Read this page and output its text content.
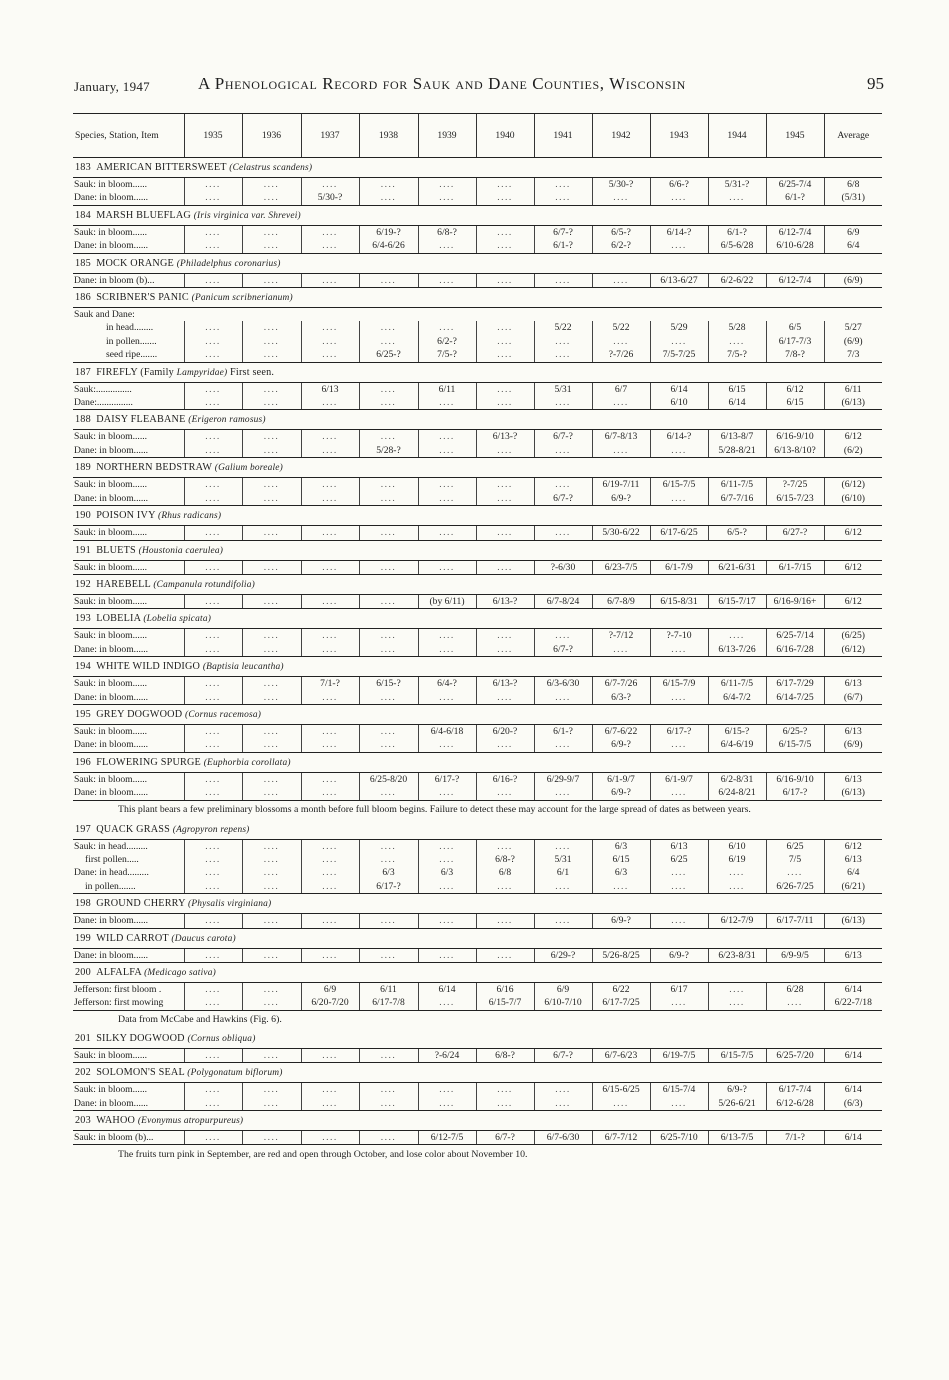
January, 1947	A Phenological Record for Sauk and Dane Counties, Wisconsin	95
Species, Station, Item	1935	1936	1937	1938	1939	1940	1941	1942	1943	1944	1945	Average
183  AMERICAN BITTERSWEET (Celastrus scandens)												
Sauk: in bloom......	....	....	....	....	....	....	....	5/30-?	6/6-?	5/31-?	6/25-7/4	6/8
Dane: in bloom......	....	....	5/30-?	....	....	....	....	....	....	....	6/1-?	(5/31)
184  MARSH BLUEFLAG (Iris virginica var. Shrevei)												
Sauk: in bloom......	....	....	....	6/19-?	6/8-?	....	6/7-?	6/5-?	6/14-?	6/1-?	6/12-7/4	6/9
Dane: in bloom......	....	....	....	6/4-6/26	....	....	6/1-?	6/2-?	....	6/5-6/28	6/10-6/28	6/4
185  MOCK ORANGE (Philadelphus coronarius)												
Dane: in bloom (b)...	....	....	....	....	....	....	....	....	6/13-6/27	6/2-6/22	6/12-7/4	(6/9)
186  SCRIBNER'S PANIC (Panicum scribnerianum)												
Sauk and Dane:												
in head........	....	....	....	....	....	....	5/22	5/22	5/29	5/28	6/5	5/27
in pollen.......	....	....	....	....	6/2-?	....	....	....	....	....	6/17-7/3	(6/9)
seed ripe.......	....	....	....	6/25-?	7/5-?	....	....	?-7/26	7/5-7/25	7/5-?	7/8-?	7/3
187  FIREFLY (Family Lampyridae) First seen.												
Sauk:...............	....	....	6/13	....	6/11	....	5/31	6/7	6/14	6/15	6/12	6/11
Dane:...............	....	....	....	....	....	....	....	....	6/10	6/14	6/15	(6/13)
188  DAISY FLEABANE (Erigeron ramosus)												
Sauk: in bloom......	....	....	....	....	....	6/13-?	6/7-?	6/7-8/13	6/14-?	6/13-8/7	6/16-9/10	6/12
Dane: in bloom......	....	....	....	5/28-?	....	....	....	....	....	5/28-8/21	6/13-8/10?	(6/2)
189  NORTHERN BEDSTRAW (Galium boreale)												
Sauk: in bloom......	....	....	....	....	....	....	....	6/19-7/11	6/15-7/5	6/11-7/5	?-7/25	(6/12)
Dane: in bloom......	....	....	....	....	....	....	6/7-?	6/9-?	....	6/7-7/16	6/15-7/23	(6/10)
190  POISON IVY (Rhus radicans)												
Sauk: in bloom......	....	....	....	....	....	....	....	5/30-6/22	6/17-6/25	6/5-?	6/27-?	6/12
191  BLUETS (Houstonia caerulea)												
Sauk: in bloom......	....	....	....	....	....	....	?-6/30	6/23-7/5	6/1-7/9	6/21-6/31	6/1-7/15	6/12
192  HAREBELL (Campanula rotundifolia)												
Sauk: in bloom......	....	....	....	....	(by 6/11)	6/13-?	6/7-8/24	6/7-8/9	6/15-8/31	6/15-7/17	6/16-9/16+	6/12
193  LOBELIA (Lobelia spicata)												
Sauk: in bloom......	....	....	....	....	....	....	....	?-7/12	?-7-10	....	6/25-7/14	(6/25)
Dane: in bloom......	....	....	....	....	....	....	6/7-?	....	....	6/13-7/26	6/16-7/28	(6/12)
194  WHITE WILD INDIGO (Baptisia leucantha)												
Sauk: in bloom......	....	....	7/1-?	6/15-?	6/4-?	6/13-?	6/3-6/30	6/7-7/26	6/15-7/9	6/11-7/5	6/17-7/29	6/13
Dane: in bloom......	....	....	....	....	....	....	....	6/3-?	....	6/4-7/2	6/14-7/25	(6/7)
195  GREY DOGWOOD (Cornus racemosa)												
Sauk: in bloom......	....	....	....	....	6/4-6/18	6/20-?	6/1-?	6/7-6/22	6/17-?	6/15-?	6/25-?	6/13
Dane: in bloom......	....	....	....	....	....	....	....	6/9-?	....	6/4-6/19	6/15-7/5	(6/9)
196  FLOWERING SPURGE (Euphorbia corollata)												
Sauk: in bloom......	....	....	....	6/25-8/20	6/17-?	6/16-?	6/29-9/7	6/1-9/7	6/1-9/7	6/2-8/31	6/16-9/10	6/13
Dane: in bloom......	....	....	....	....	....	....	....	6/9-?	....	6/24-8/21	6/17-?	(6/13)
This plant bears a few preliminary blossoms a month before full bloom begins. Failure to detect these may account for the large spread of dates as between years.												
197  QUACK GRASS (Agropyron repens)												
Sauk: in head.........	....	....	....	....	....	....	....	6/3	6/13	6/10	6/25	6/12
first pollen.....	....	....	....	....	....	6/8-?	5/31	6/15	6/25	6/19	7/5	6/13
Dane: in head.........	....	....	....	6/3	6/3	6/8	6/1	6/3	....	....	....	6/4
in pollen.......	....	....	....	6/17-?	....	....	....	....	....	....	6/26-7/25	(6/21)
198  GROUND CHERRY (Physalis virginiana)												
Dane: in bloom......	....	....	....	....	....	....	....	6/9-?	....	6/12-7/9	6/17-7/11	(6/13)
199  WILD CARROT (Daucus carota)												
Dane: in bloom......	....	....	....	....	....	....	6/29-?	5/26-8/25	6/9-?	6/23-8/31	6/9-9/5	6/13
200  ALFALFA (Medicago sativa)												
Jefferson: first bloom .	....	....	6/9	6/11	6/14	6/16	6/9	6/22	6/17	....	6/28	6/14
Jefferson: first mowing	....	....	6/20-7/20	6/17-7/8	....	6/15-7/7	6/10-7/10	6/17-7/25	....	....	....	6/22-7/18
Data from McCabe and Hawkins (Fig. 6).												
201  SILKY DOGWOOD (Cornus obliqua)												
Sauk: in bloom......	....	....	....	....	?-6/24	6/8-?	6/7-?	6/7-6/23	6/19-7/5	6/15-7/5	6/25-7/20	6/14
202  SOLOMON'S SEAL (Polygonatum biflorum)												
Sauk: in bloom......	....	....	....	....	....	....	....	6/15-6/25	6/15-7/4	6/9-?	6/17-7/4	6/14
Dane: in bloom......	....	....	....	....	....	....	....	....	....	5/26-6/21	6/12-6/28	(6/3)
203  WAHOO (Evonymus atropurpureus)												
Sauk: in bloom (b)...	....	....	....	....	6/12-7/5	6/7-?	6/7-6/30	6/7-7/12	6/25-7/10	6/13-7/5	7/1-?	6/14
The fruits turn pink in September, are red and open through October, and lose color about November 10.												
